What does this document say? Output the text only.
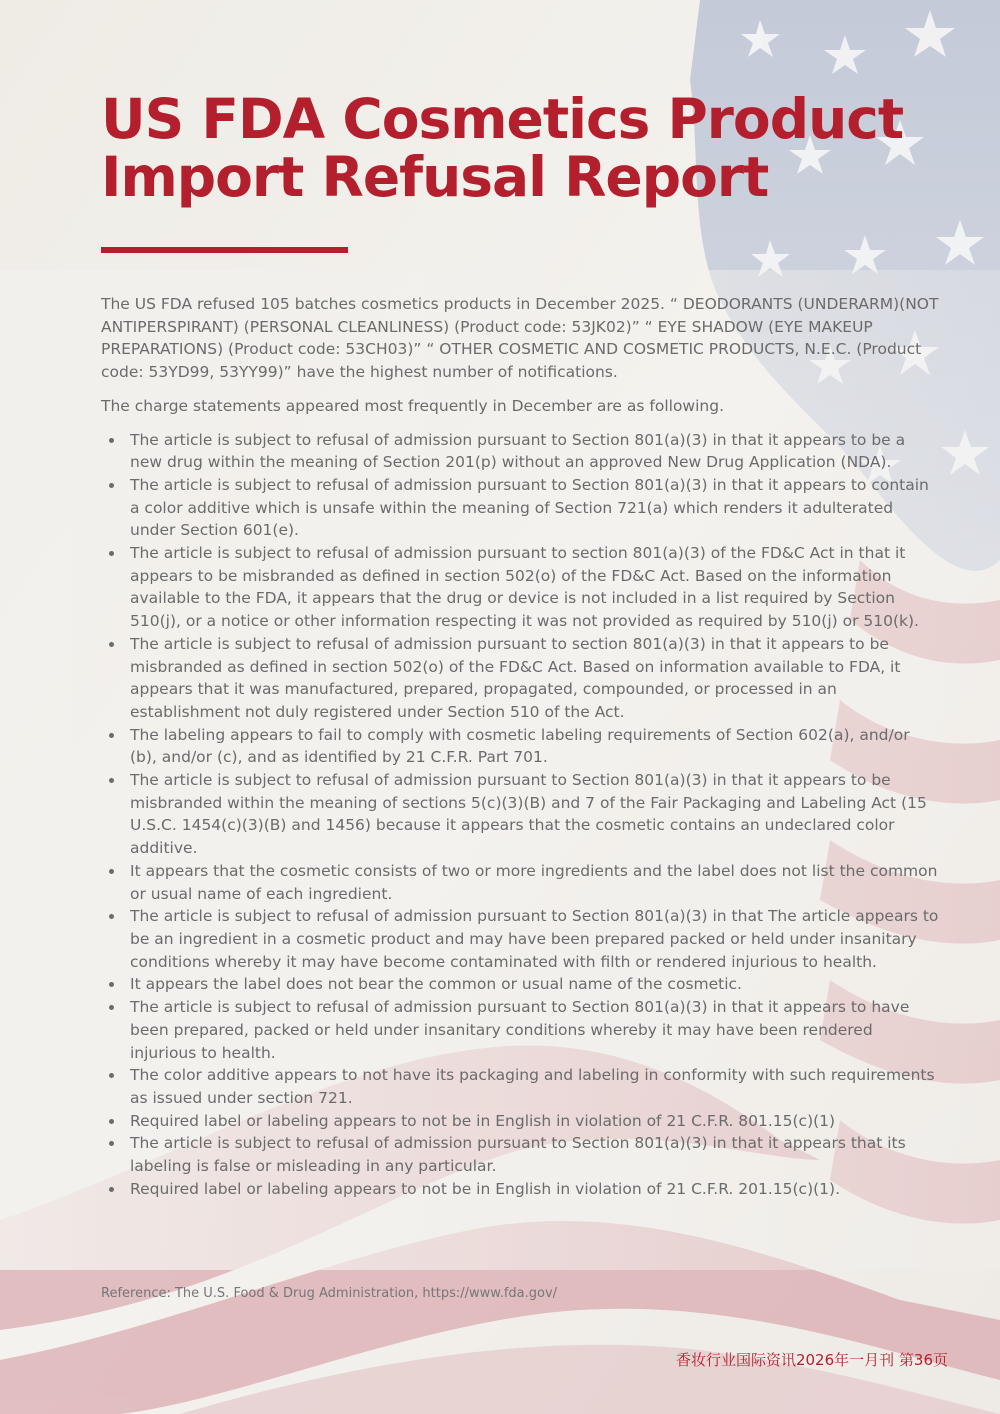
US FDA Cosmetics Product
Import Refusal Report

The US FDA refused 105 batches cosmetics products in December 2025. “ DEODORANTS (UNDERARM)(NOT ANTIPERSPIRANT) (PERSONAL CLEANLINESS) (Product code: 53JK02)” “ EYE SHADOW (EYE MAKEUP PREPARATIONS) (Product code: 53CH03)” “ OTHER COSMETIC AND COSMETIC PRODUCTS, N.E.C. (Product code: 53YD99, 53YY99)” have the highest number of notifications.

The charge statements appeared most frequently in December are as following.

The article is subject to refusal of admission pursuant to Section 801(a)(3) in that it appears to be a new drug within the meaning of Section 201(p) without an approved New Drug Application (NDA).
The article is subject to refusal of admission pursuant to Section 801(a)(3) in that it appears to contain a color additive which is unsafe within the meaning of Section 721(a) which renders it adulterated under Section 601(e).
The article is subject to refusal of admission pursuant to section 801(a)(3) of the FD&C Act in that it appears to be misbranded as defined in section 502(o) of the FD&C Act. Based on the information available to the FDA, it appears that the drug or device is not included in a list required by Section 510(j), or a notice or other information respecting it was not provided as required by 510(j) or 510(k).
The article is subject to refusal of admission pursuant to section 801(a)(3) in that it appears to be misbranded as defined in section 502(o) of the FD&C Act. Based on information available to FDA, it appears that it was manufactured, prepared, propagated, compounded, or processed in an establishment not duly registered under Section 510 of the Act.
The labeling appears to fail to comply with cosmetic labeling requirements of Section 602(a), and/or (b), and/or (c), and as identified by 21 C.F.R. Part 701.
The article is subject to refusal of admission pursuant to Section 801(a)(3) in that it appears to be misbranded within the meaning of sections 5(c)(3)(B) and 7 of the Fair Packaging and Labeling Act (15 U.S.C. 1454(c)(3)(B) and 1456) because it appears that the cosmetic contains an undeclared color additive.
It appears that the cosmetic consists of two or more ingredients and the label does not list the common or usual name of each ingredient.
The article is subject to refusal of admission pursuant to Section 801(a)(3) in that The article appears to be an ingredient in a cosmetic product and may have been prepared packed or held under insanitary conditions whereby it may have become contaminated with filth or rendered injurious to health.
It appears the label does not bear the common or usual name of the cosmetic.
The article is subject to refusal of admission pursuant to Section 801(a)(3) in that it appears to have been prepared, packed or held under insanitary conditions whereby it may have been rendered injurious to health.
The color additive appears to not have its packaging and labeling in conformity with such requirements as issued under section 721.
Required label or labeling appears to not be in English in violation of 21 C.F.R. 801.15(c)(1)
The article is subject to refusal of admission pursuant to Section 801(a)(3) in that it appears that its labeling is false or misleading in any particular.
Required label or labeling appears to not be in English in violation of 21 C.F.R. 201.15(c)(1).
Reference: The U.S. Food & Drug Administration, https://www.fda.gov/
香妆行业国际资讯2026年一月刊 第36页
